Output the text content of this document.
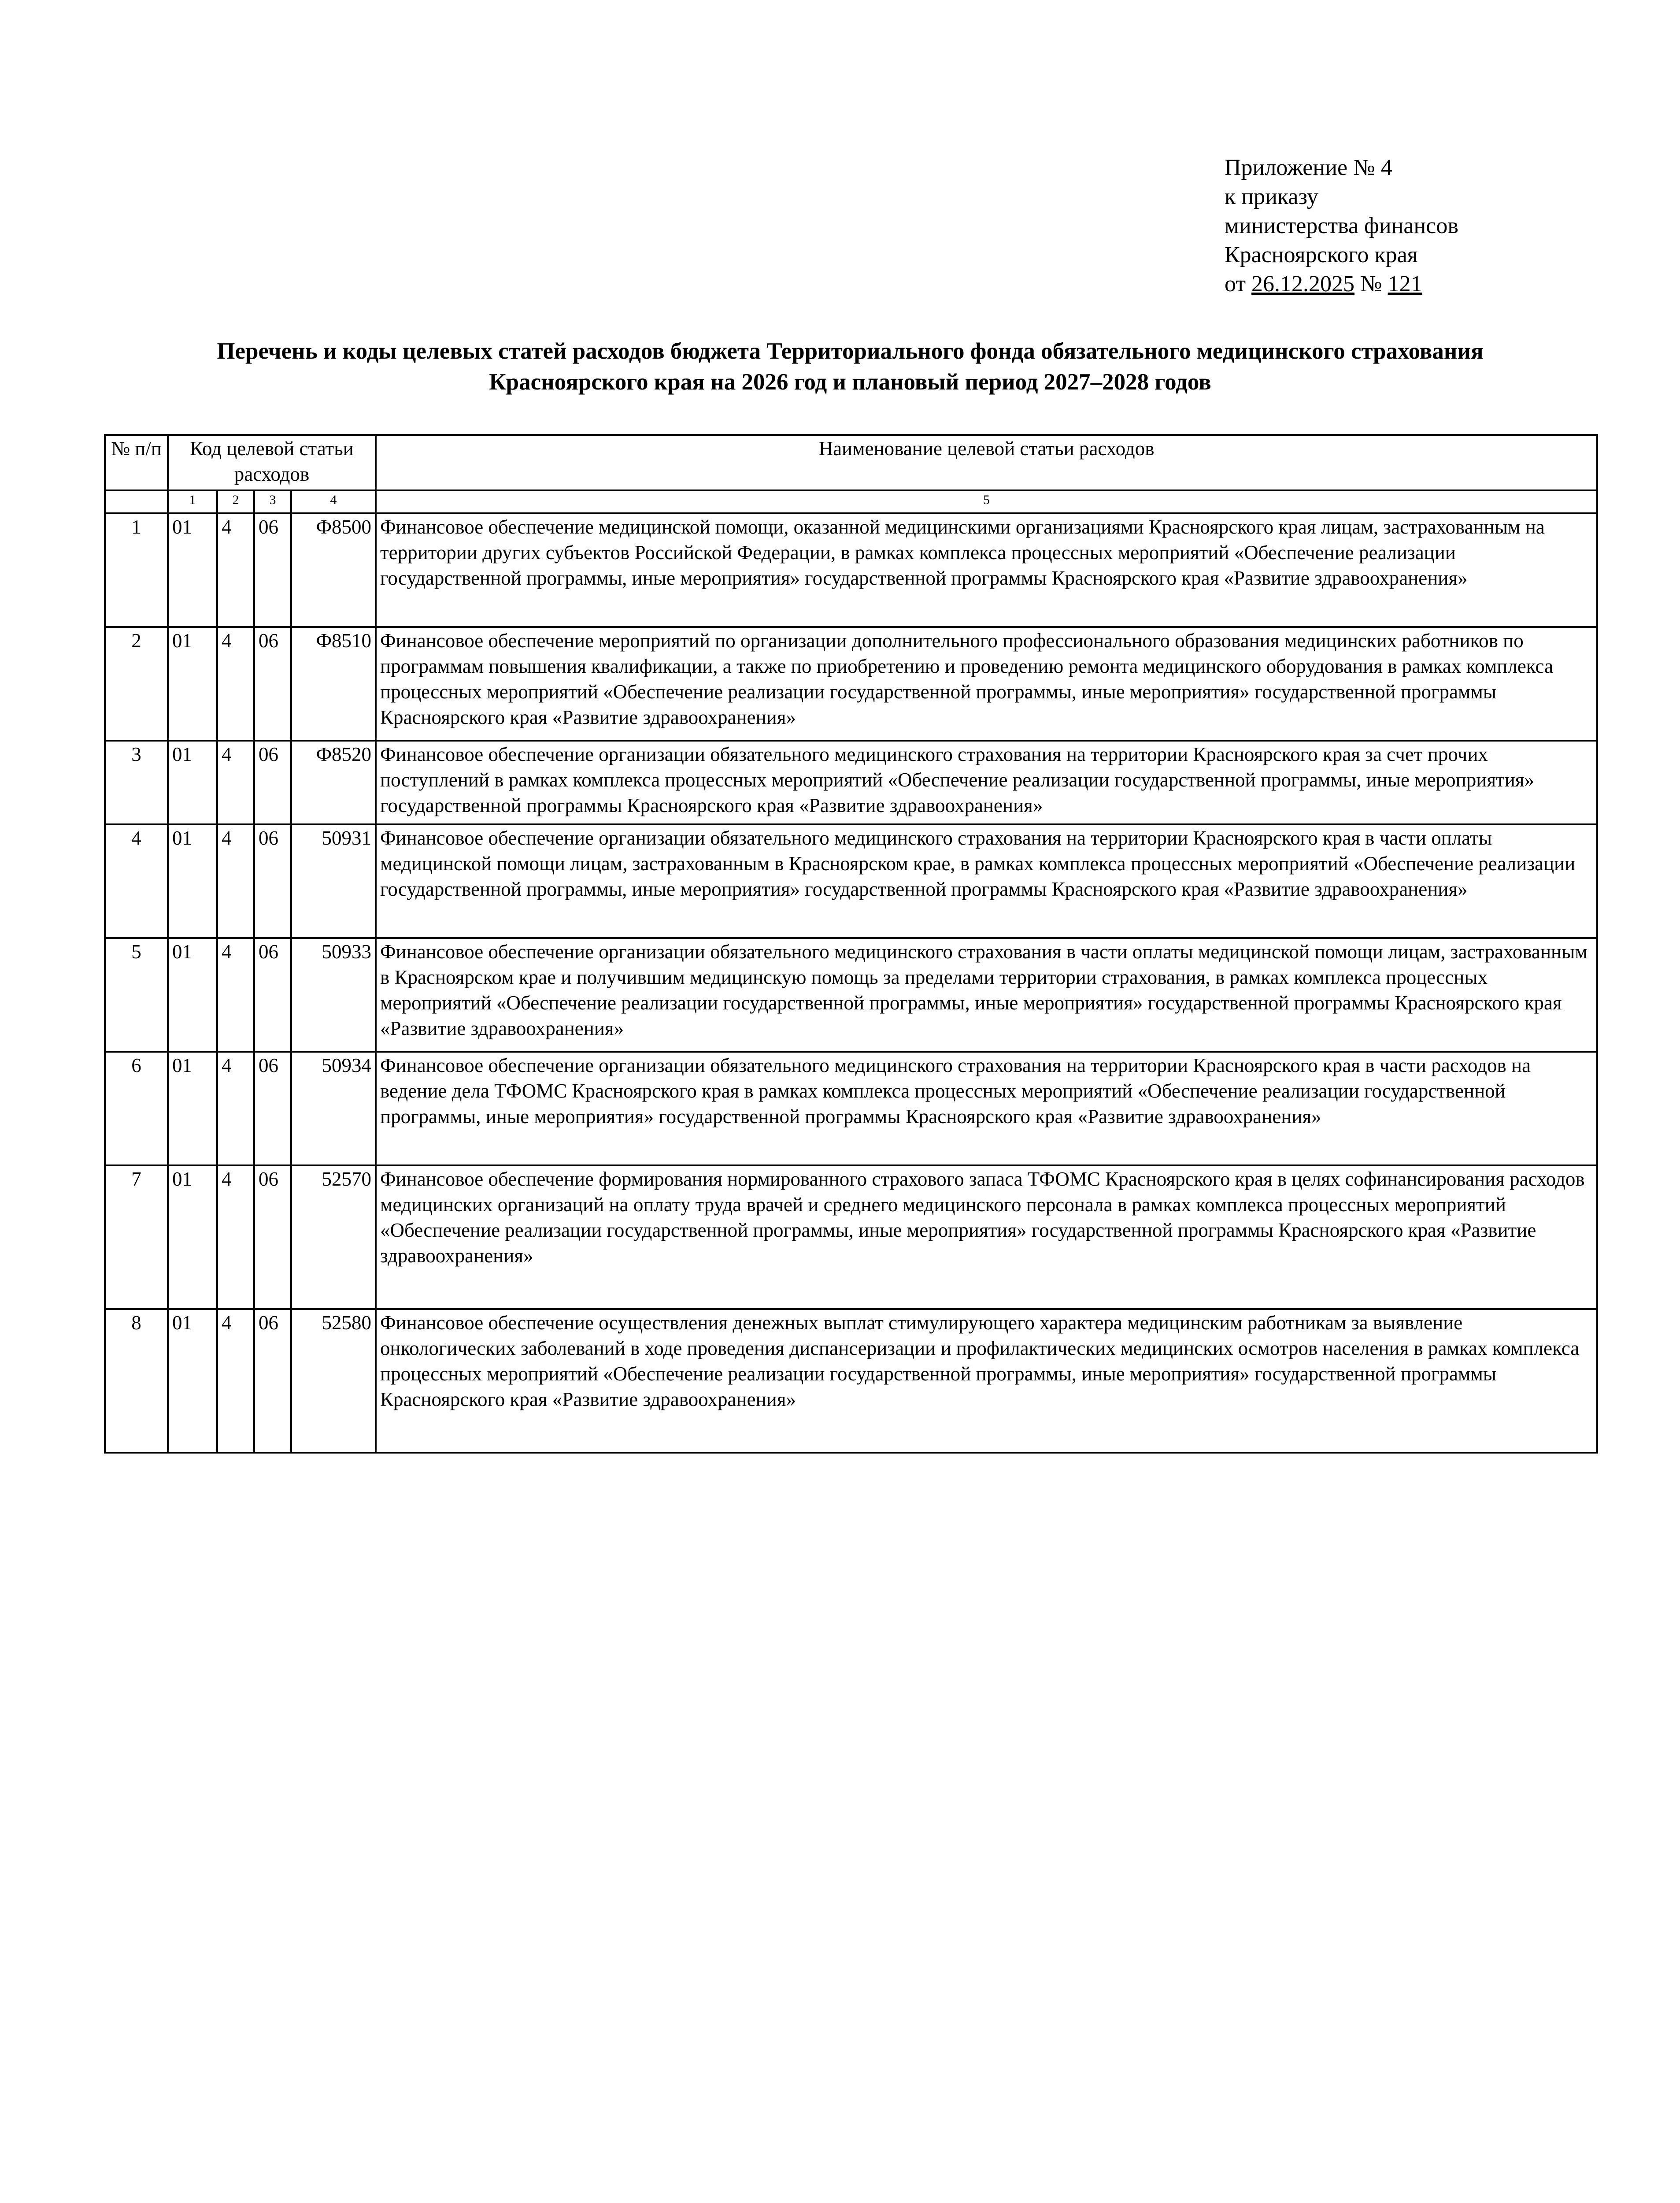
Приложение № 4
к приказу
министерства финансов
Красноярского края
от 26.12.2025 № 121
Перечень и коды целевых статей расходов бюджета Территориального фонда обязательного медицинского страхования
Красноярского края на 2026 год и плановый период 2027–2028 годов
№ п/п	Код целевой статьи расходов				Наименование целевой статьи расходов
	1	2	3	4	5
1	01	4	06	Ф8500	Финансовое обеспечение медицинской помощи, оказанной медицинскими организациями Красноярского края лицам, застрахованным на территории других субъектов Российской Федерации, в рамках комплекса процессных мероприятий «Обеспечение реализации государственной программы, иные мероприятия» государственной программы Красноярского края «Развитие здравоохранения»
2	01	4	06	Ф8510	Финансовое обеспечение мероприятий по организации дополнительного профессионального образования медицинских работников по программам повышения квалификации, а также по приобретению и проведению ремонта медицинского оборудования в рамках комплекса процессных мероприятий «Обеспечение реализации государственной программы, иные мероприятия» государственной программы Красноярского края «Развитие здравоохранения»
3	01	4	06	Ф8520	Финансовое обеспечение организации обязательного медицинского страхования на территории Красноярского края за счет прочих поступлений в рамках комплекса процессных мероприятий «Обеспечение реализации государственной программы, иные мероприятия» государственной программы Красноярского края «Развитие здравоохранения»
4	01	4	06	50931	Финансовое обеспечение организации обязательного медицинского страхования на территории Красноярского края в части оплаты медицинской помощи лицам, застрахованным в Красноярском крае, в рамках комплекса процессных мероприятий «Обеспечение реализации государственной программы, иные мероприятия» государственной программы Красноярского края «Развитие здравоохранения»
5	01	4	06	50933	Финансовое обеспечение организации обязательного медицинского страхования в части оплаты медицинской помощи лицам, застрахованным в Красноярском крае и получившим медицинскую помощь за пределами территории страхования, в рамках комплекса процессных мероприятий «Обеспечение реализации государственной программы, иные мероприятия» государственной программы Красноярского края «Развитие здравоохранения»
6	01	4	06	50934	Финансовое обеспечение организации обязательного медицинского страхования на территории Красноярского края в части расходов на ведение дела ТФОМС Красноярского края в рамках комплекса процессных мероприятий «Обеспечение реализации государственной программы, иные мероприятия» государственной программы Красноярского края «Развитие здравоохранения»
7	01	4	06	52570	Финансовое обеспечение формирования нормированного страхового запаса ТФОМС Красноярского края в целях софинансирования расходов медицинских организаций на оплату труда врачей и среднего медицинского персонала в рамках комплекса процессных мероприятий «Обеспечение реализации государственной программы, иные мероприятия» государственной программы Красноярского края «Развитие здравоохранения»
8	01	4	06	52580	Финансовое обеспечение осуществления денежных выплат стимулирующего характера медицинским работникам за выявление онкологических заболеваний в ходе проведения диспансеризации и профилактических медицинских осмотров населения в рамках комплекса процессных мероприятий «Обеспечение реализации государственной программы, иные мероприятия» государственной программы Красноярского края «Развитие здравоохранения»
